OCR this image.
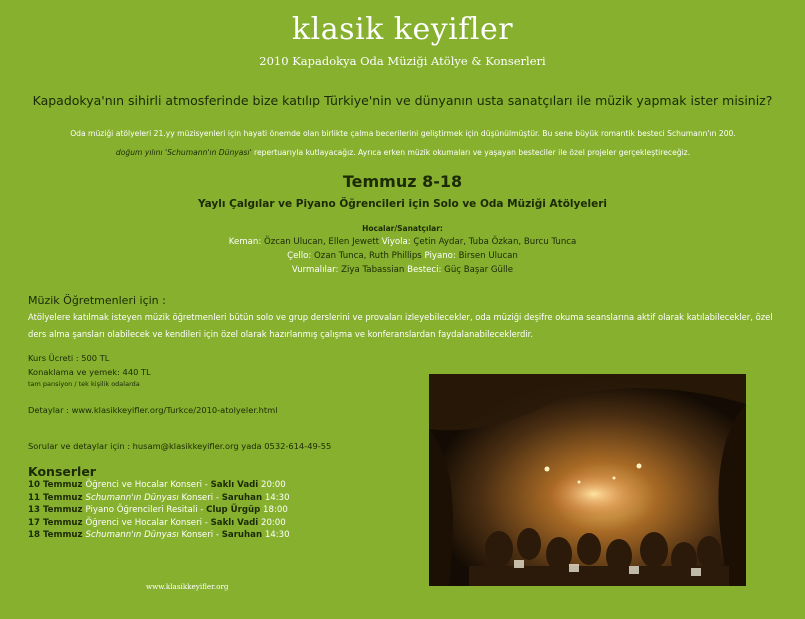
klasik keyifler
2010 Kapadokya Oda Müziği Atölye & Konserleri
Kapadokya'nın sihirli atmosferinde bize katılıp Türkiye'nin ve dünyanın usta sanatçıları ile müzik yapmak ister misiniz?
Oda müziği atölyeleri 21.yy müzisyenleri için hayati önemde olan birlikte çalma becerilerini geliştirmek için düşünülmüştür. Bu sene büyük romantik besteci Schumann'ın 200.
doğum yılını 'Schumann'ın Dünyası' repertuarıyla kutlayacağız. Ayrıca erken müzik okumaları ve yaşayan besteciler ile özel projeler gerçekleştireceğiz.
Temmuz 8-18
Yaylı Çalgılar ve Piyano Öğrencileri için Solo ve Oda Müziği Atölyeleri
Hocalar/Sanatçılar:
Keman: Özcan Ulucan, Ellen Jewett Viyola: Çetin Aydar, Tuba Özkan, Burcu Tunca
Çello: Ozan Tunca, Ruth Phillips Piyano: Birsen Ulucan
Vurmalılar: Ziya Tabassian Besteci: Güç Başar Gülle
Müzik Öğretmenleri için :
Atölyelere katılmak isteyen müzik öğretmenleri bütün solo ve grup derslerini ve provaları izleyebilecekler, oda müziği deşifre okuma seanslarına aktif olarak katılabilecekler, özel ders alma şansları olabilecek ve kendileri için özel olarak hazırlanmış çalışma ve konferanslardan faydalanabileceklerdir.
Kurs Ücreti : 500 TL
Konaklama ve yemek: 440 TL
tam pansiyon / tek kişilik odalarda
Detaylar : www.klasikkeyifler.org/Turkce/2010-atolyeler.html
Sorular ve detaylar için : husam@klasikkeyifler.org yada 0532-614-49-55
Konserler
10 Temmuz Öğrenci ve Hocalar Konseri - Saklı Vadi 20:00
11 Temmuz Schumann'ın Dünyası Konseri - Saruhan 14:30
13 Temmuz Piyano Öğrencileri Resitali - Clup Ürgüp 18:00
17 Temmuz Öğrenci ve Hocalar Konseri - Saklı Vadi 20:00
18 Temmuz Schumann'ın Dünyası Konseri - Saruhan 14:30
www.klasikkeyifler.org
